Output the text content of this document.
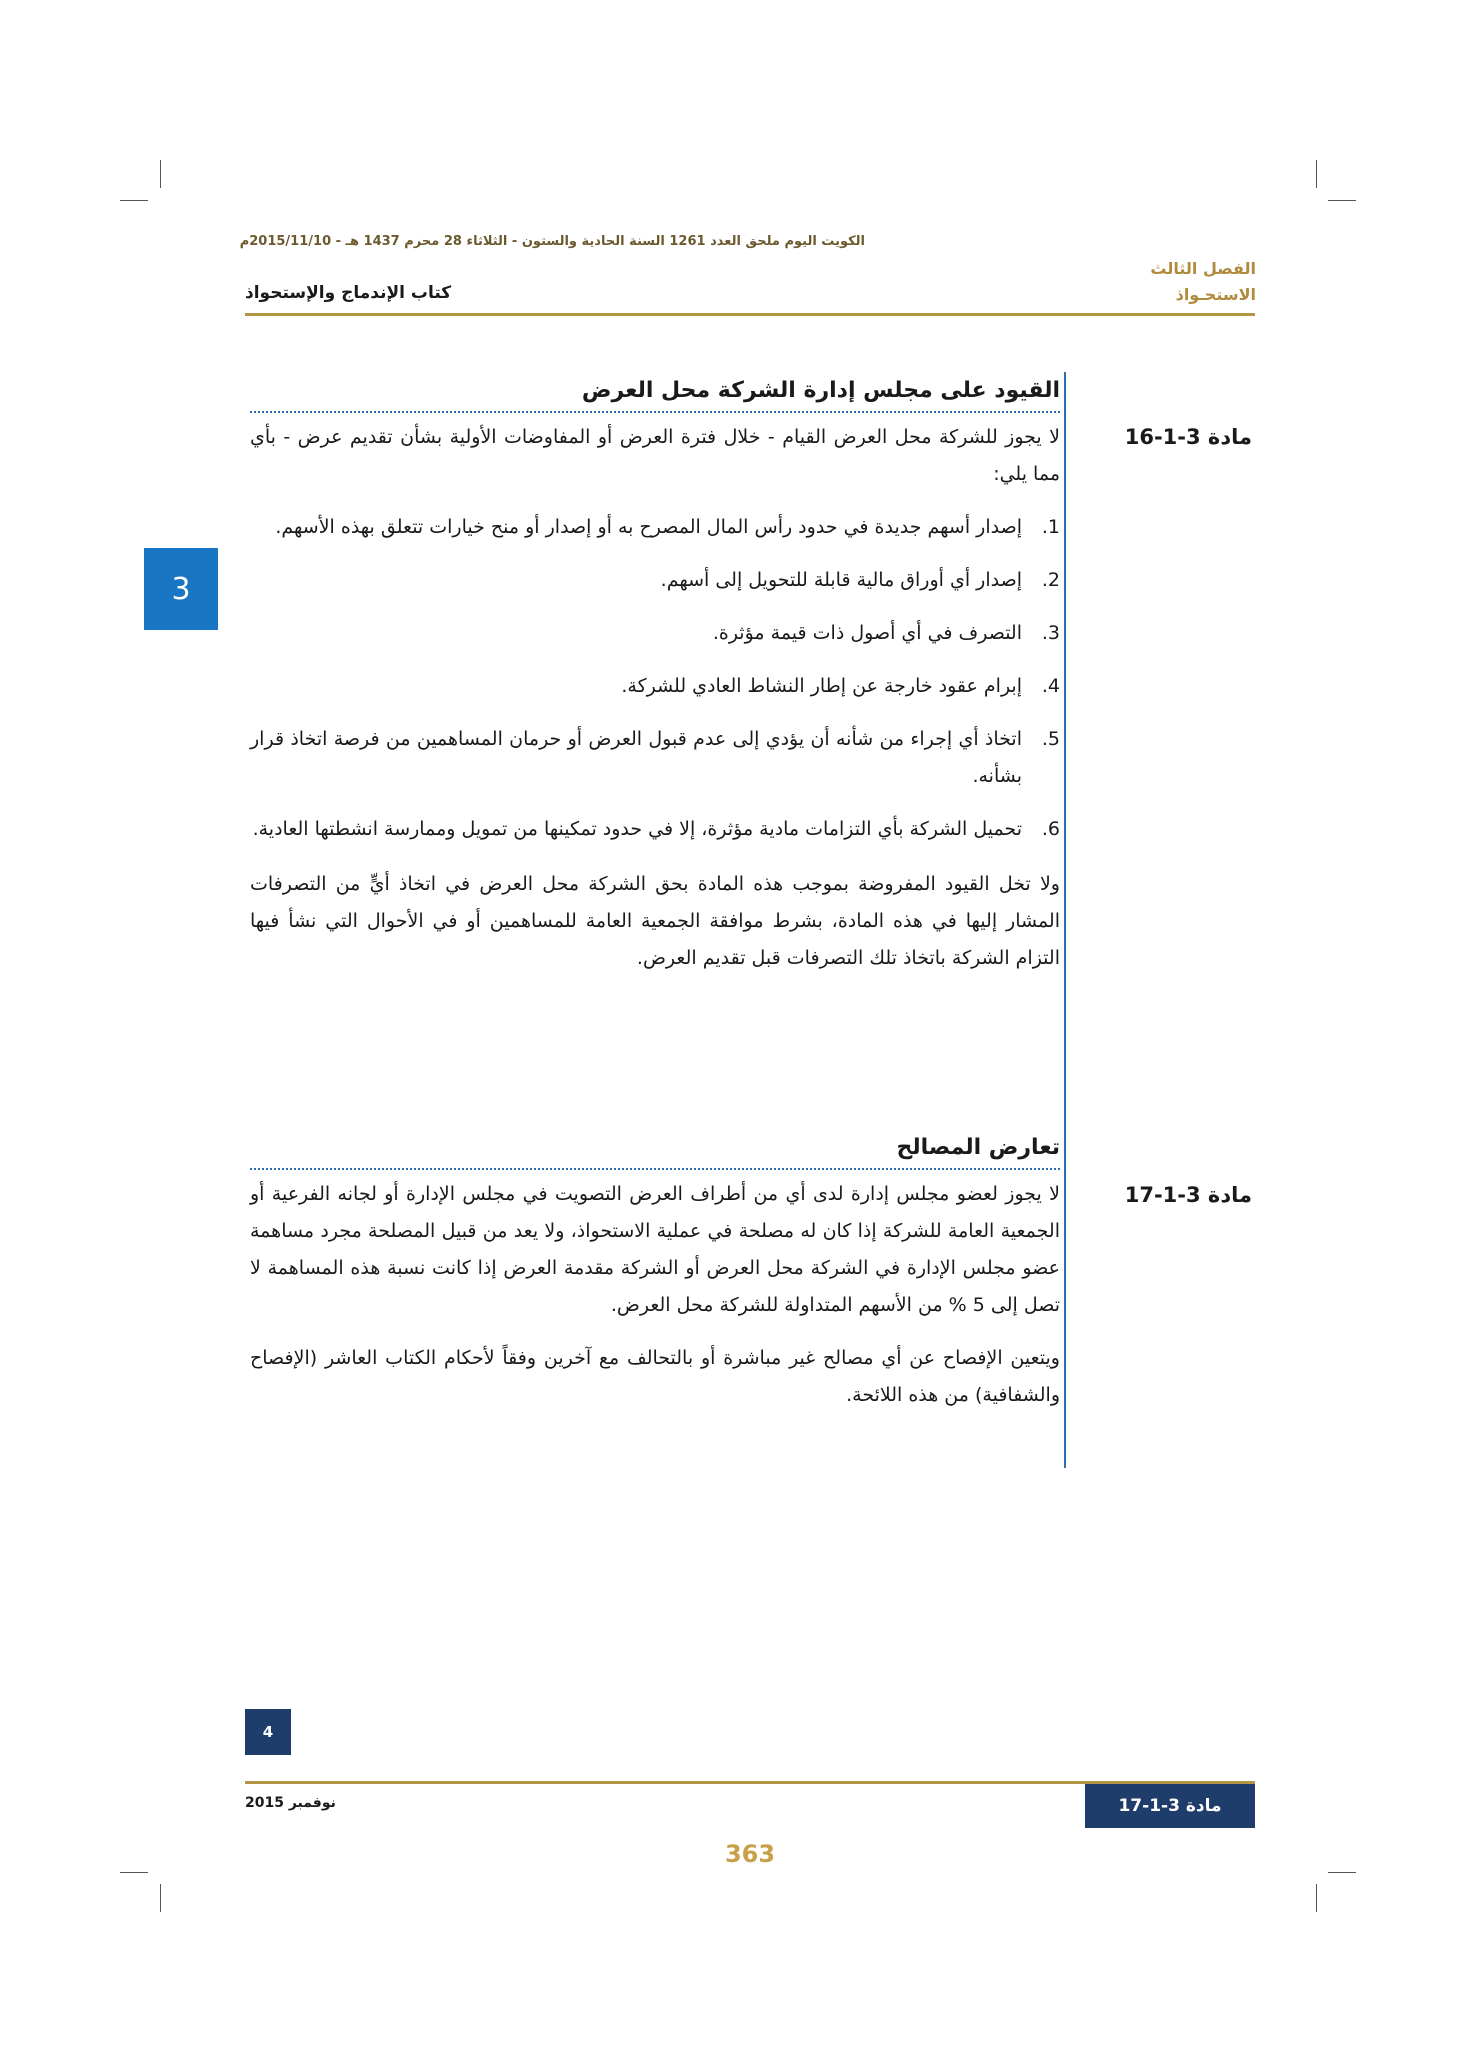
الكويت اليوم ملحق العدد 1261 السنة الحادية والستون - الثلاثاء 28 محرم 1437 هـ - 2015/11/10م
الفصل الثالث
الاستحـواذ
كتاب الإندماج والإستحواذ
3
مادة 3-1-16
القيود على مجلس إدارة الشركة محل العرض

لا يجوز للشركة محل العرض القيام - خلال فترة العرض أو المفاوضات الأولية بشأن تقديم عرض - بأي مما يلي:

1.
إصدار أسهم جديدة في حدود رأس المال المصرح به أو إصدار أو منح خيارات تتعلق بهذه الأسهم.
2.
إصدار أي أوراق مالية قابلة للتحويل إلى أسهم.
3.
التصرف في أي أصول ذات قيمة مؤثرة.
4.
إبرام عقود خارجة عن إطار النشاط العادي للشركة.
5.
اتخاذ أي إجراء من شأنه أن يؤدي إلى عدم قبول العرض أو حرمان المساهمين من فرصة اتخاذ قرار بشأنه.
6.
تحميل الشركة بأي التزامات مادية مؤثرة، إلا في حدود تمكينها من تمويل وممارسة انشطتها العادية.

ولا تخل القيود المفروضة بموجب هذه المادة بحق الشركة محل العرض في اتخاذ أيٍّ من التصرفات المشار إليها في هذه المادة، بشرط موافقة الجمعية العامة للمساهمين أو في الأحوال التي نشأ فيها التزام الشركة باتخاذ تلك التصرفات قبل تقديم العرض.

مادة 3-1-17
تعارض المصالح

لا يجوز لعضو مجلس إدارة لدى أي من أطراف العرض التصويت في مجلس الإدارة أو لجانه الفرعية أو الجمعية العامة للشركة إذا كان له مصلحة في عملية الاستحواذ، ولا يعد من قبيل المصلحة مجرد مساهمة عضو مجلس الإدارة في الشركة محل العرض أو الشركة مقدمة العرض إذا كانت نسبة هذه المساهمة لا تصل إلى 5 % من الأسهم المتداولة للشركة محل العرض.

ويتعين الإفصاح عن أي مصالح غير مباشرة أو بالتحالف مع آخرين وفقاً لأحكام الكتاب العاشر (الإفصاح والشفافية) من هذه اللائحة.

4
نوفمبر 2015	مادة 3-1-17
363
